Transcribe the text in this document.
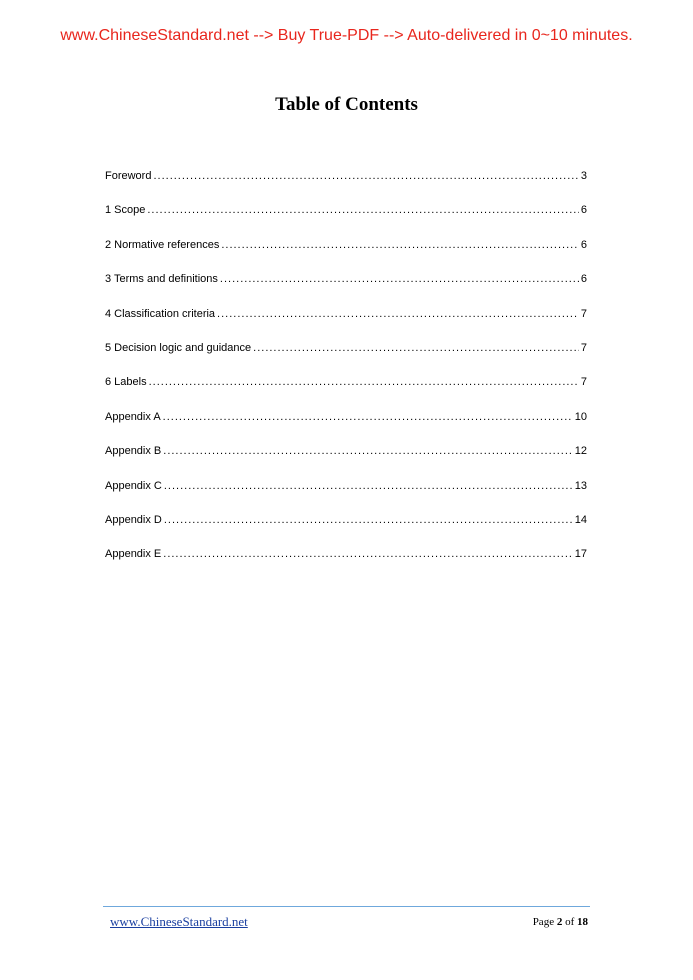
www.ChineseStandard.net --> Buy True-PDF --> Auto-delivered in 0~10 minutes.
Table of Contents
Foreword .....	3
1 Scope .....	6
2 Normative references .....	6
3 Terms and definitions .....	6
4 Classification criteria .....	7
5 Decision logic and guidance .....	7
6 Labels .....	7
Appendix A .....	10
Appendix B .....	12
Appendix C .....	13
Appendix D .....	14
Appendix E .....	17
www.ChineseStandard.net	Page 2 of 18
